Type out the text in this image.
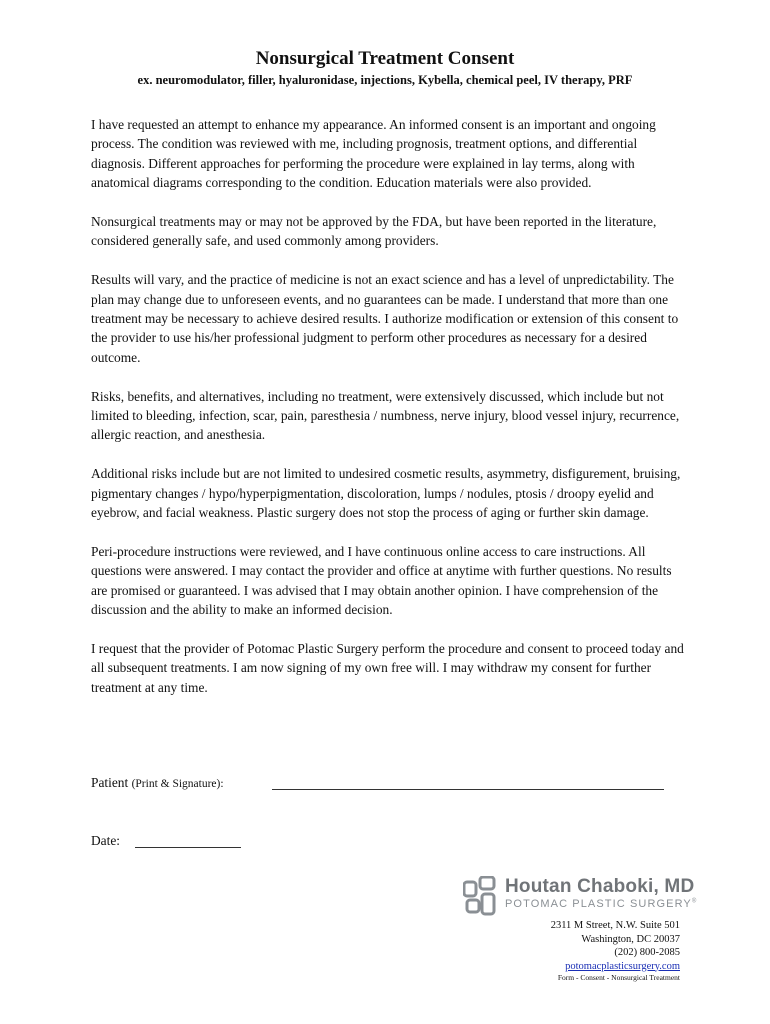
Nonsurgical Treatment Consent
ex. neuromodulator, filler, hyaluronidase, injections, Kybella, chemical peel, IV therapy, PRF

I have requested an attempt to enhance my appearance. An informed consent is an important and ongoing process. The condition was reviewed with me, including prognosis, treatment options, and differential diagnosis. Different approaches for performing the procedure were explained in lay terms, along with anatomical diagrams corresponding to the condition. Education materials were also provided.

Nonsurgical treatments may or may not be approved by the FDA, but have been reported in the literature, considered generally safe, and used commonly among providers.

Results will vary, and the practice of medicine is not an exact science and has a level of unpredictability. The plan may change due to unforeseen events, and no guarantees can be made. I understand that more than one treatment may be necessary to achieve desired results. I authorize modification or extension of this consent to the provider to use his/her professional judgment to perform other procedures as necessary for a desired outcome.

Risks, benefits, and alternatives, including no treatment, were extensively discussed, which include but not limited to bleeding, infection, scar, pain, paresthesia / numbness, nerve injury, blood vessel injury, recurrence, allergic reaction, and anesthesia.

Additional risks include but are not limited to undesired cosmetic results, asymmetry, disfigurement, bruising, pigmentary changes / hypo/hyperpigmentation, discoloration, lumps / nodules, ptosis / droopy eyelid and eyebrow, and facial weakness. Plastic surgery does not stop the process of aging or further skin damage.

Peri-procedure instructions were reviewed, and I have continuous online access to care instructions. All questions were answered. I may contact the provider and office at anytime with further questions. No results are promised or guaranteed. I was advised that I may obtain another opinion. I have comprehension of the discussion and the ability to make an informed decision.

I request that the provider of Potomac Plastic Surgery perform the procedure and consent to proceed today and all subsequent treatments. I am now signing of my own free will. I may withdraw my consent for further treatment at any time.

Patient (Print & Signature):
Date:
Houtan Chaboki, MD
POTOMAC PLASTIC SURGERY®
2311 M Street, N.W. Suite 501
Washington, DC 20037
(202) 800-2085
potomacplasticsurgery.com
Form - Consent - Nonsurgical Treatment
